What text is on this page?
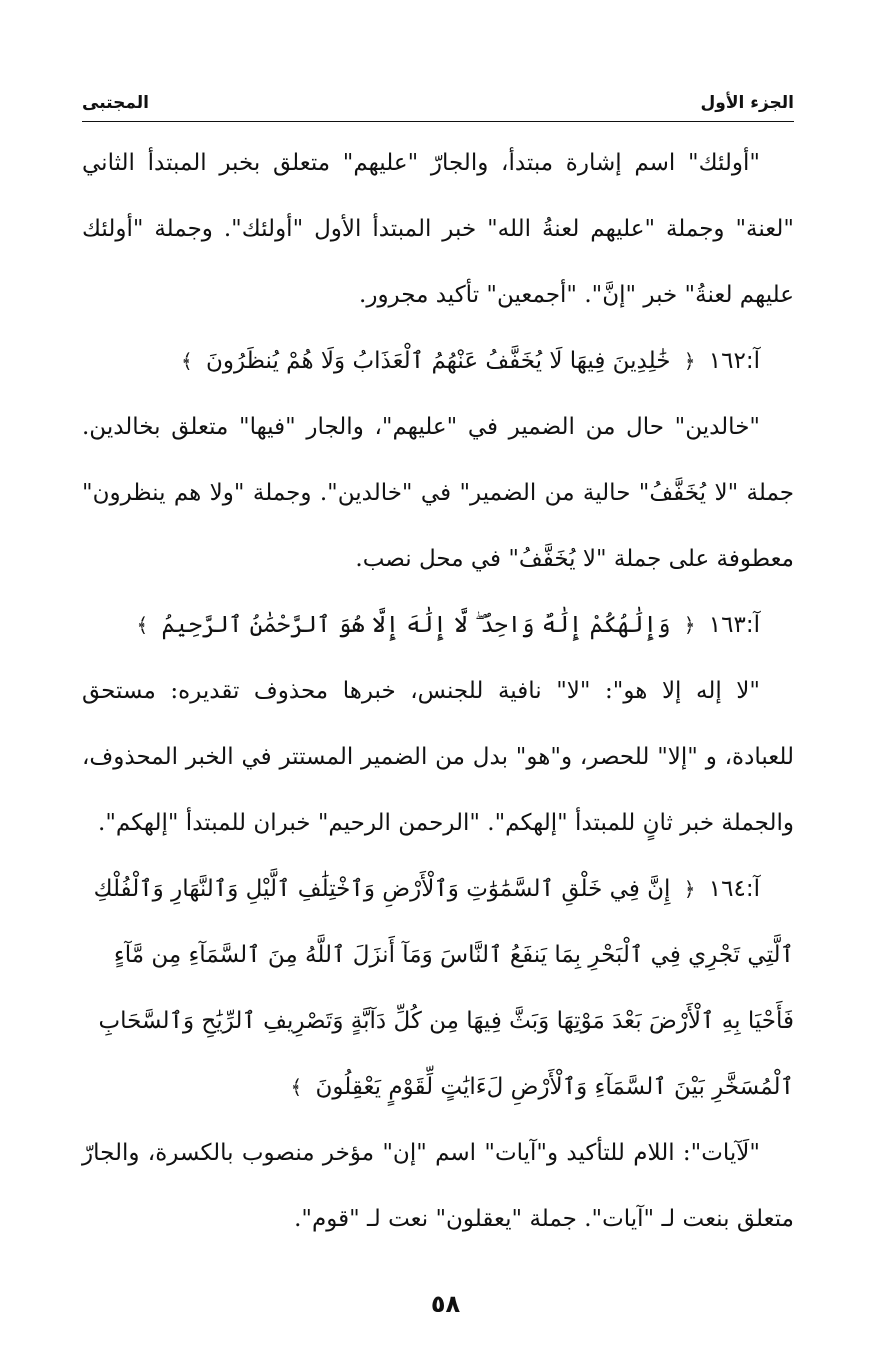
الجزء الأول
المجتبى

"أولئك" اسم إشارة مبتدأ، والجارّ "عليهم" متعلق بخبر المبتدأ الثاني "لعنة" وجملة "عليهم لعنةُ الله" خبر المبتدأ الأول "أولئك". وجملة "أولئك عليهم لعنةُ" خبر "إنَّ". "أجمعين" تأكيد مجرور.

آ:١٦٢ ﴿ خَٰلِدِينَ فِيهَا لَا يُخَفَّفُ عَنْهُمُ ٱلْعَذَابُ وَلَا هُمْ يُنظَرُونَ ﴾

"خالدين" حال من الضمير في "عليهم"، والجار "فيها" متعلق بخالدين. جملة "لا يُخَفَّفُ" حالية من الضمير" في "خالدين". وجملة "ولا هم ينظرون" معطوفة على جملة "لا يُخَفَّفُ" في محل نصب.

آ:١٦٣ ﴿ وَإِلَٰهُكُمْ إِلَٰهٌ وَاحِدٌ ۖ لَّا إِلَٰهَ إِلَّا هُوَ ٱلرَّحْمَٰنُ ٱلرَّحِيمُ ﴾

"لا إله إلا هو": "لا" نافية للجنس، خبرها محذوف تقديره: مستحق للعبادة، و "إلا" للحصر، و"هو" بدل من الضمير المستتر في الخبر المحذوف، والجملة خبر ثانٍ للمبتدأ "إلهكم". "الرحمن الرحيم" خبران للمبتدأ "إلهكم".

آ:١٦٤ ﴿ إِنَّ فِي خَلْقِ ٱلسَّمَٰوَٰتِ وَٱلْأَرْضِ وَٱخْتِلَٰفِ ٱلَّيْلِ وَٱلنَّهَارِ وَٱلْفُلْكِ ٱلَّتِي تَجْرِي فِي ٱلْبَحْرِ بِمَا يَنفَعُ ٱلنَّاسَ وَمَآ أَنزَلَ ٱللَّهُ مِنَ ٱلسَّمَآءِ مِن مَّآءٍ فَأَحْيَا بِهِ ٱلْأَرْضَ بَعْدَ مَوْتِهَا وَبَثَّ فِيهَا مِن كُلِّ دَآبَّةٍ وَتَصْرِيفِ ٱلرِّيَٰحِ وَٱلسَّحَابِ ٱلْمُسَخَّرِ بَيْنَ ٱلسَّمَآءِ وَٱلْأَرْضِ لَءَايَٰتٍ لِّقَوْمٍ يَعْقِلُونَ ﴾

"لَآيات": اللام للتأكيد و"آيات" اسم "إن" مؤخر منصوب بالكسرة، والجارّ متعلق بنعت لـ "آيات". جملة "يعقلون" نعت لـ "قوم".

٥٨
